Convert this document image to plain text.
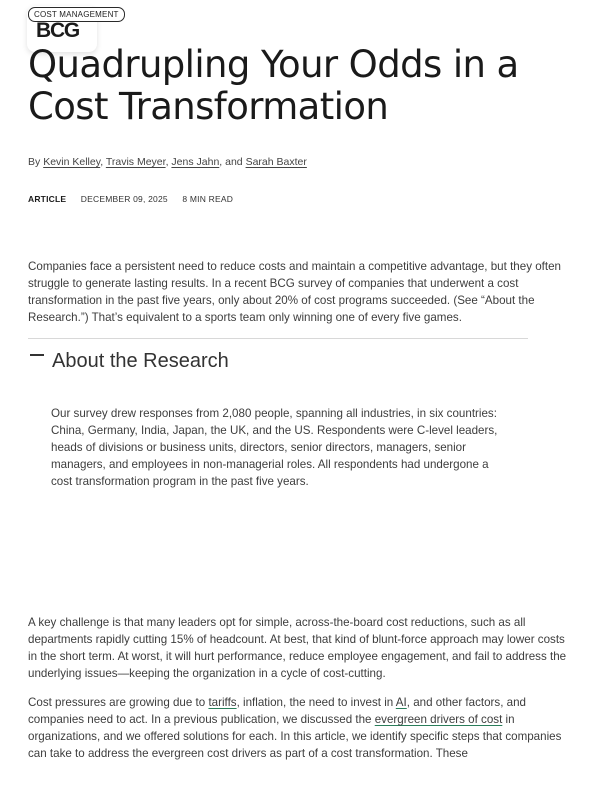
COST MANAGEMENT
BCG
Quadrupling Your Odds in a Cost Transformation
By Kevin Kelley, Travis Meyer, Jens Jahn, and Sarah Baxter
ARTICLE DECEMBER 09, 2025 8 MIN READ

Companies face a persistent need to reduce costs and maintain a competitive advantage, but they often struggle to generate lasting results. In a recent BCG survey of companies that underwent a cost transformation in the past five years, only about 20% of cost programs succeeded. (See “About the Research.”) That’s equivalent to a sports team only winning one of every five games.

About the Research

Our survey drew responses from 2,080 people, spanning all industries, in six countries: China, Germany, India, Japan, the UK, and the US. Respondents were C-level leaders, heads of divisions or business units, directors, senior directors, managers, senior managers, and employees in non-managerial roles. All respondents had undergone a cost transformation program in the past five years.

A key challenge is that many leaders opt for simple, across-the-board cost reductions, such as all departments rapidly cutting 15% of headcount. At best, that kind of blunt-force approach may lower costs in the short term. At worst, it will hurt performance, reduce employee engagement, and fail to address the underlying issues—keeping the organization in a cycle of cost-cutting.

Cost pressures are growing due to tariffs, inflation, the need to invest in AI, and other factors, and companies need to act. In a previous publication, we discussed the evergreen drivers of cost in organizations, and we offered solutions for each. In this article, we identify specific steps that companies can take to address the evergreen cost drivers as part of a cost transformation. These
